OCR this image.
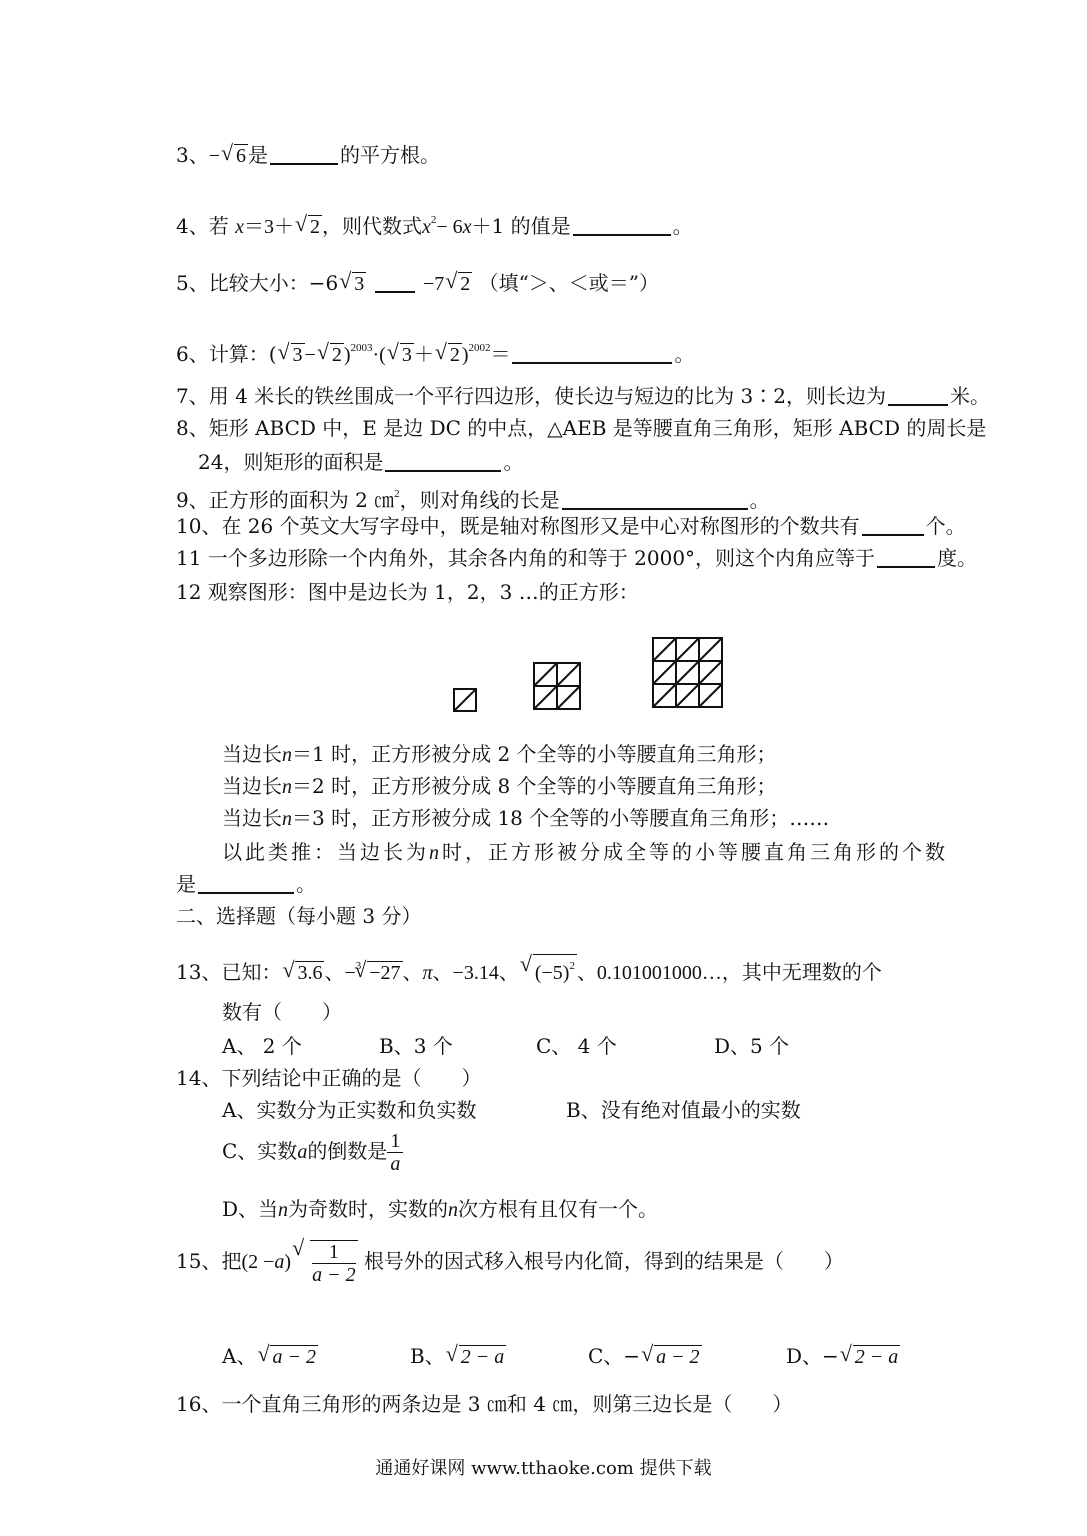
3、− √ 6 是	的平方根。
4、若 x＝3＋ √ 2 ，则代数式$x^2- 6x+1$ 的值是	。
5、比较大小：−6 √ 3	−7 √ 2 （填“＞、＜或＝”）
6、计算：( √ 3 − √ 2 )$^{2003}$·( √ 3 ＋ √ 2 )$^{2002}$＝	。
7、用 4 米长的铁丝围成一个平行四边形，使长边与短边的比为 3∶2，则长边为	米。
8、矩形 ABCD 中，E 是边 DC 的中点，△AEB 是等腰直角三角形，矩形 ABCD 的周长是
24，则矩形的面积是	。
9、正方形的面积为 2 ㎝$^2$，则对角线的长是	。
10、在 26 个英文大写字母中，既是轴对称图形又是中心对称图形的个数共有	个。
11 一个多边形除一个内角外，其余各内角的和等于 2000°，则这个内角应等于	度。
12 观察图形：图中是边长为 1，2，3 …的正方形：
当边长n＝1 时，正方形被分成 2 个全等的小等腰直角三角形；
当边长n＝2 时，正方形被分成 8 个全等的小等腰直角三角形；
当边长n＝3 时，正方形被分成 18 个全等的小等腰直角三角形；……
以此类推：当边长为n时，正方形被分成全等的小等腰直角三角形的个数
是	。
二、选择题（每小题 3 分）
13、已知： √ 3.6 、−$^3$ √ −27 、π、−3.14、 √ $(-5)^2$ 、0.101001000…，其中无理数的个
数有（　　）
A、 2 个	B、3 个	C、 4 个	D、5 个
14、下列结论中正确的是（　　）
A、实数分为正实数和负实数	B、没有绝对值最小的实数
C、实数a的倒数是 $\frac{1}{a}$
D、当n为奇数时，实数的n次方根有且仅有一个。
15、把(2 −a) √ $\frac{1}{a - 2}$ 根号外的因式移入根号内化简，得到的结果是（　　）
A、 √ a − 2	B、 √ 2 − a	C、− √ a − 2	D、− √ 2 − a
16、一个直角三角形的两条边是 3 ㎝和 4 ㎝，则第三边长是（　　）
通通好课网 www.tthaoke.com 提供下载
